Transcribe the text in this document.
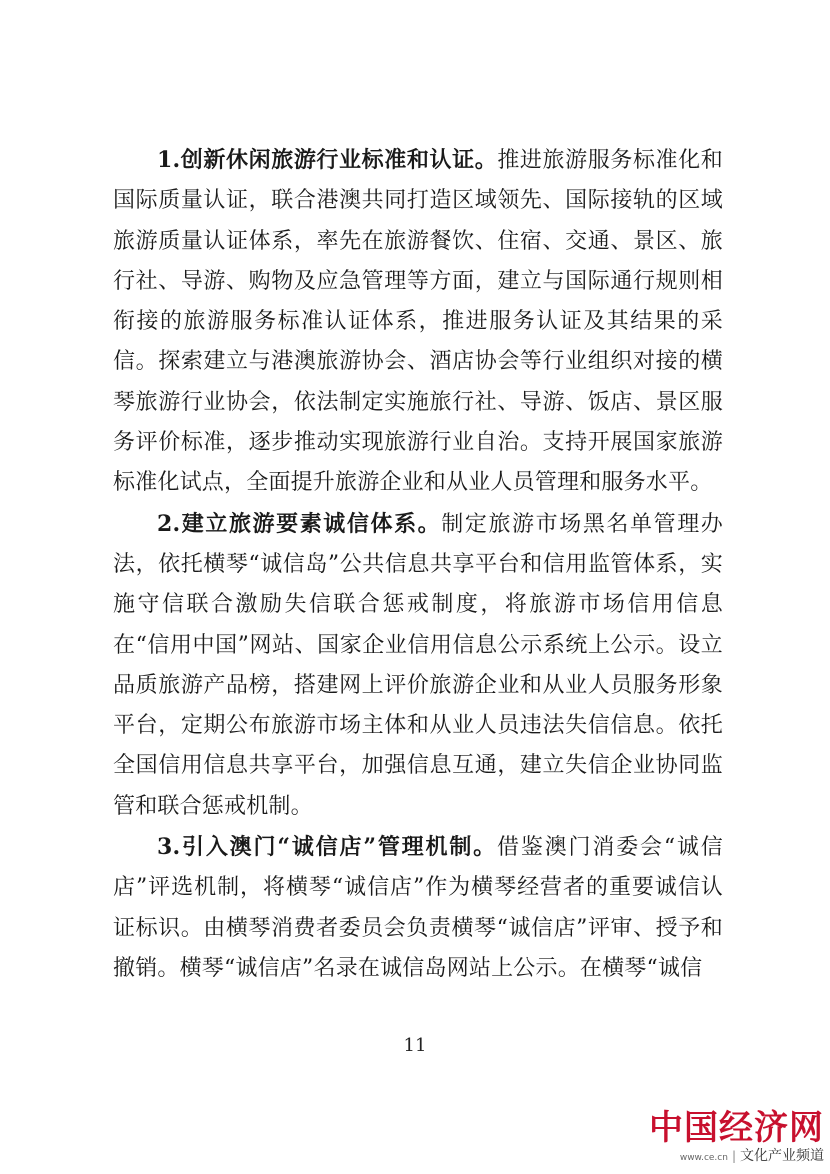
1.创新休闲旅游行业标准和认证。推进旅游服务标准化和国际质量认证，联合港澳共同打造区域领先、国际接轨的区域旅游质量认证体系，率先在旅游餐饮、住宿、交通、景区、旅行社、导游、购物及应急管理等方面，建立与国际通行规则相衔接的旅游服务标准认证体系，推进服务认证及其结果的采信。探索建立与港澳旅游协会、酒店协会等行业组织对接的横琴旅游行业协会，依法制定实施旅行社、导游、饭店、景区服务评价标准，逐步推动实现旅游行业自治。支持开展国家旅游标准化试点，全面提升旅游企业和从业人员管理和服务水平。

2.建立旅游要素诚信体系。制定旅游市场黑名单管理办法，依托横琴“诚信岛”公共信息共享平台和信用监管体系，实施守信联合激励失信联合惩戒制度，将旅游市场信用信息在“信用中国”网站、国家企业信用信息公示系统上公示。设立品质旅游产品榜，搭建网上评价旅游企业和从业人员服务形象平台，定期公布旅游市场主体和从业人员违法失信信息。依托全国信用信息共享平台，加强信息互通，建立失信企业协同监管和联合惩戒机制。

3.引入澳门“诚信店”管理机制。借鉴澳门消委会“诚信店”评选机制，将横琴“诚信店”作为横琴经营者的重要诚信认证标识。由横琴消费者委员会负责横琴“诚信店”评审、授予和撤销。横琴“诚信店”名录在诚信岛网站上公示。在横琴“诚信

11
中国经济网
www.ce.cn | 文化产业频道
